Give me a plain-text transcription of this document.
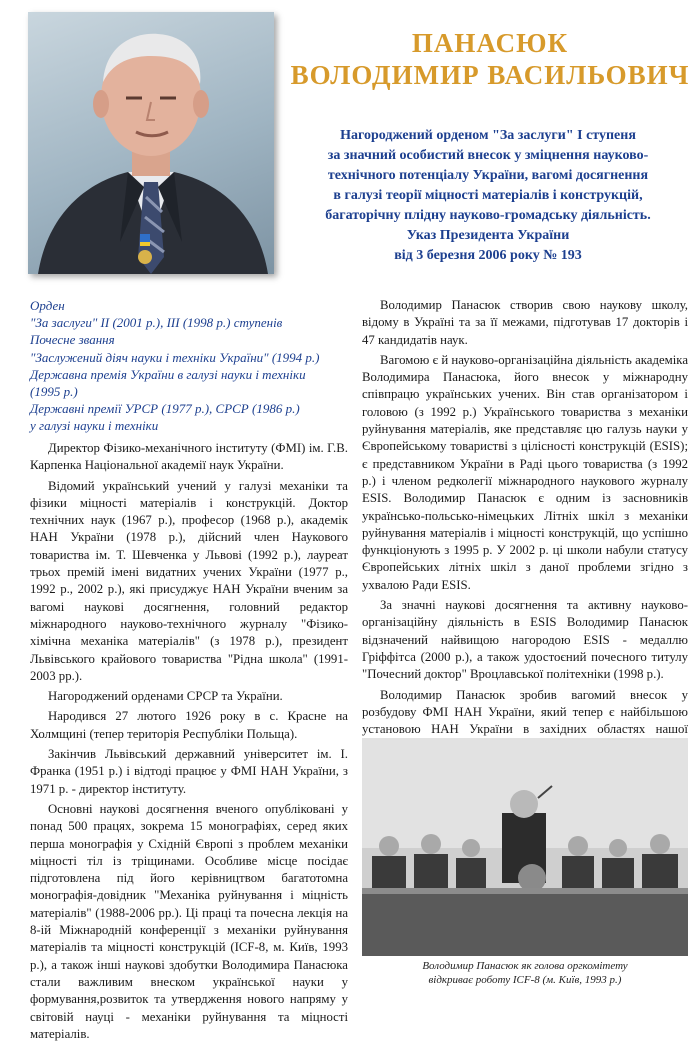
ПАНАСЮК
ВОЛОДИМИР ВАСИЛЬОВИЧ
Нагороджений орденом "За заслуги" І ступеня
за значний особистий внесок у зміцнення науково-
технічного потенціалу України, вагомі досягнення
в галузі теорії міцності матеріалів і конструкцій,
багаторічну плідну науково-громадську діяльність.
Указ Президента України
від 3 березня 2006 року № 193
Орден
"За заслуги" ІІ (2001 р.), ІІІ (1998 р.) ступенів
Почесне звання
"Заслужений діяч науки і техніки України" (1994 р.)
Державна премія України в галузі науки і техніки
(1995 р.)
Державні премії УРСР (1977 р.), СРСР (1986 р.)
у галузі науки і техніки

Директор Фізико-механічного інституту (ФМІ) ім. Г.В. Карпенка Національної академії наук України.

Відомий український учений у галузі механіки та фізики міцності матеріалів і конструкцій. Доктор технічних наук (1967 р.), професор (1968 р.), академік НАН України (1978 р.), дійсний член Наукового товариства ім. Т. Шевченка у Львові (1992 р.), лауреат трьох премій імені видатних учених України (1977 р., 1992 р., 2002 р.), які присуджує НАН України вченим за вагомі наукові досягнення, головний редактор міжнародного науково-технічного журналу "Фізико-хімічна механіка матеріалів" (з 1978 р.), президент Львівського крайового товариства "Рідна школа" (1991-2003 рр.).

Нагороджений орденами СРСР та України.

Народився 27 лютого 1926 року в с. Красне на Холмщині (тепер територія Республіки Польща).

Закінчив Львівський державний університет ім. І. Франка (1951 р.) і відтоді працює у ФМІ НАН України, з 1971 р. - директор інституту.

Основні наукові досягнення вченого опубліковані у понад 500 працях, зокрема 15 монографіях, серед яких перша монографія у Східній Європі з проблем механіки міцності тіл із тріщинами. Особливе місце посідає підготовлена під його керівництвом багатотомна монографія-довідник "Механіка руйнування і міцність матеріалів" (1988-2006 рр.). Ці праці та почесна лекція на 8-ій Міжнародній конференції з механіки руйнування матеріалів та міцності конструкцій (ICF-8, м. Київ, 1993 р.), а також інші наукові здобутки Володимира Панасюка стали важливим внеском української науки у формування,розвиток та утвердження нового напряму у світовій науці - механіки руйнування та міцності матеріалів.

Володимир Панасюк створив свою наукову школу, відому в Україні та за її межами, підготував 17 докторів і 47 кандидатів наук.

Вагомою є й науково-організаційна діяльність академіка Володимира Панасюка, його внесок у міжнародну співпрацю українських учених. Він став організатором і головою (з 1992 р.) Українського товариства з механіки руйнування матеріалів, яке представляє цю галузь науки у Європейському товаристві з цілісності конструкцій (ESIS); є представником України в Раді цього товариства (з 1992 р.) і членом редколегії міжнародного наукового журналу ESIS. Володимир Панасюк є одним із засновників українсько-польсько-німецьких Літніх шкіл з механіки руйнування матеріалів і міцності конструкцій, що успішно функціонують з 1995 р. У 2002 р. ці школи набули статусу Європейських літніх шкіл з даної проблеми згідно з ухвалою Ради ESIS.

За значні наукові досягнення та активну науково-організаційну діяльність в ESIS Володимир Панасюк відзначений найвищою нагородою ESIS - медаллю Гріффітса (2000 р.), а також удостоєний почесного титулу "Почесний доктор" Вроцлавської політехніки (1998 р.).

Володимир Панасюк зробив вагомий внесок у розбудову ФМІ НАН України, який тепер є найбільшою установою НАН України в західних областях нашої

Володимир Панасюк як голова оргкомітету
відкриває роботу ICF-8 (м. Київ, 1993 р.)
